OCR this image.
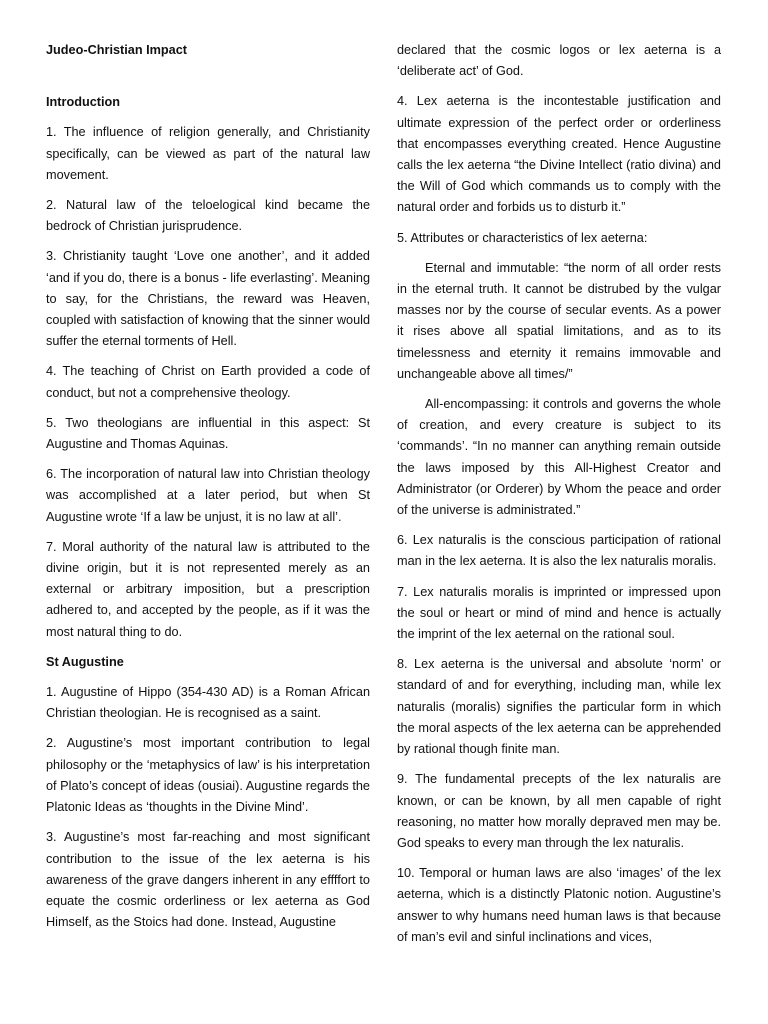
Judeo-Christian Impact

Introduction

1. The influence of religion generally, and Christianity specifically, can be viewed as part of the natural law movement.

2. Natural law of the teloelogical kind became the bedrock of Christian jurisprudence.

3. Christianity taught ‘Love one another’, and it added ‘and if you do, there is a bonus - life everlasting’. Meaning to say, for the Christians, the reward was Heaven, coupled with satisfaction of knowing that the sinner would suffer the eternal torments of Hell.

4. The teaching of Christ on Earth provided a code of conduct, but not a comprehensive theology.

5. Two theologians are influential in this aspect: St Augustine and Thomas Aquinas.

6. The incorporation of natural law into Christian theology was accomplished at a later period, but when St Augustine wrote ‘If a law be unjust, it is no law at all’.

7. Moral authority of the natural law is attributed to the divine origin, but it is not represented merely as an external or arbitrary imposition, but a prescription adhered to, and accepted by the people, as if it was the most natural thing to do.

St Augustine

1. Augustine of Hippo (354-430 AD) is a Roman African Christian theologian. He is recognised as a saint.

2. Augustine’s most important contribution to legal philosophy or the ‘metaphysics of law’ is his interpretation of Plato’s concept of ideas (ousiai). Augustine regards the Platonic Ideas as ‘thoughts in the Divine Mind’.

3. Augustine’s most far-reaching and most significant contribution to the issue of the lex aeterna is his awareness of the grave dangers inherent in any effffort to equate the cosmic orderliness or lex aeterna as God Himself, as the Stoics had done. Instead, Augustine

declared that the cosmic logos or lex aeterna is a ‘deliberate act’ of God.

4. Lex aeterna is the incontestable justification and ultimate expression of the perfect order or orderliness that encompasses everything created. Hence Augustine calls the lex aeterna “the Divine Intellect (ratio divina) and the Will of God which commands us to comply with the natural order and forbids us to disturb it.”

5. Attributes or characteristics of lex aeterna:

Eternal and immutable: “the norm of all order rests in the eternal truth. It cannot be distrubed by the vulgar masses nor by the course of secular events. As a power it rises above all spatial limitations, and as to its timelessness and eternity it remains immovable and unchangeable above all times/”

All-encompassing: it controls and governs the whole of creation, and every creature is subject to its ‘commands’. “In no manner can anything remain outside the laws imposed by this All-Highest Creator and Administrator (or Orderer) by Whom the peace and order of the universe is administrated.”

6. Lex naturalis is the conscious participation of rational man in the lex aeterna. It is also the lex naturalis moralis.

7. Lex naturalis moralis is imprinted or impressed upon the soul or heart or mind of mind and hence is actually the imprint of the lex aeternal on the rational soul.

8. Lex aeterna is the universal and absolute ‘norm’ or standard of and for everything, including man, while lex naturalis (moralis) signifies the particular form in which the moral aspects of the lex aeterna can be apprehended by rational though finite man.

9. The fundamental precepts of the lex naturalis are known, or can be known, by all men capable of right reasoning, no matter how morally depraved men may be. God speaks to every man through the lex naturalis.

10. Temporal or human laws are also ‘images’ of the lex aeterna, which is a distinctly Platonic notion. Augustine’s answer to why humans need human laws is that because of man’s evil and sinful inclinations and vices,
